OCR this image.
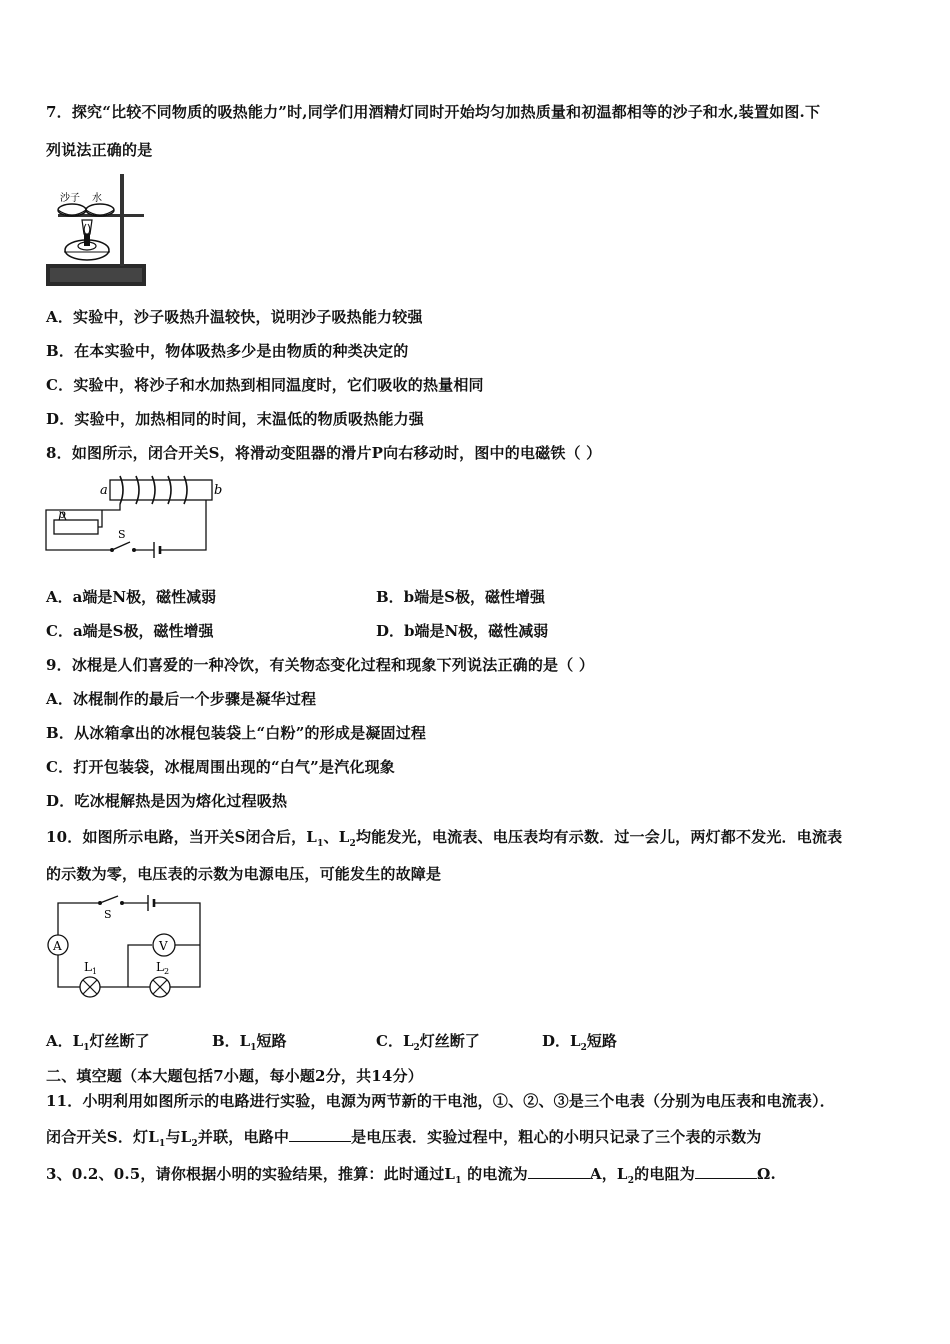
7．探究“比较不同物质的吸热能力”时,同学们用酒精灯同时开始均匀加热质量和初温都相等的沙子和水,装置如图.下
列说法正确的是
沙子 水
A．实验中，沙子吸热升温较快，说明沙子吸热能力较强
B．在本实验中，物体吸热多少是由物质的种类决定的
C．实验中，将沙子和水加热到相同温度时，它们吸收的热量相同
D．实验中，加热相同的时间，末温低的物质吸热能力强
8．如图所示，闭合开关S，将滑动变阻器的滑片P向右移动时，图中的电磁铁（ ）
a	b
p
S
A．a端是N极，磁性减弱	B．b端是S极，磁性增强
C．a端是S极，磁性增强	D．b端是N极，磁性减弱
9．冰棍是人们喜爱的一种冷饮，有关物态变化过程和现象下列说法正确的是（ ）
A．冰棍制作的最后一个步骤是凝华过程
B．从冰箱拿出的冰棍包装袋上“白粉”的形成是凝固过程
C．打开包装袋，冰棍周围出现的“白气”是汽化现象
D．吃冰棍解热是因为熔化过程吸热
10．如图所示电路，当开关S闭合后，$L_1$、$L_2$均能发光，电流表、电压表均有示数．过一会儿，两灯都不发光．电流表
的示数为零，电压表的示数为电源电压，可能发生的故障是
S
A
$L_1$
V
$L_2$
A．$L_1$灯丝断了	B．$L_1$短路	C．$L_2$灯丝断了	D．$L_2$短路
二、填空题（本大题包括7小题，每小题2分，共14分）
11．小明利用如图所示的电路进行实验，电源为两节新的干电池，①、②、③是三个电表（分别为电压表和电流表）．
闭合开关S．灯$L_1$与$L_2$并联，电路中	是电压表．实验过程中，粗心的小明只记录了三个表的示数为
3、0.2、0.5，请你根据小明的实验结果，推算：此时通过$L_1$ 的电流为	A，$L_2$的电阻为	Ω.
